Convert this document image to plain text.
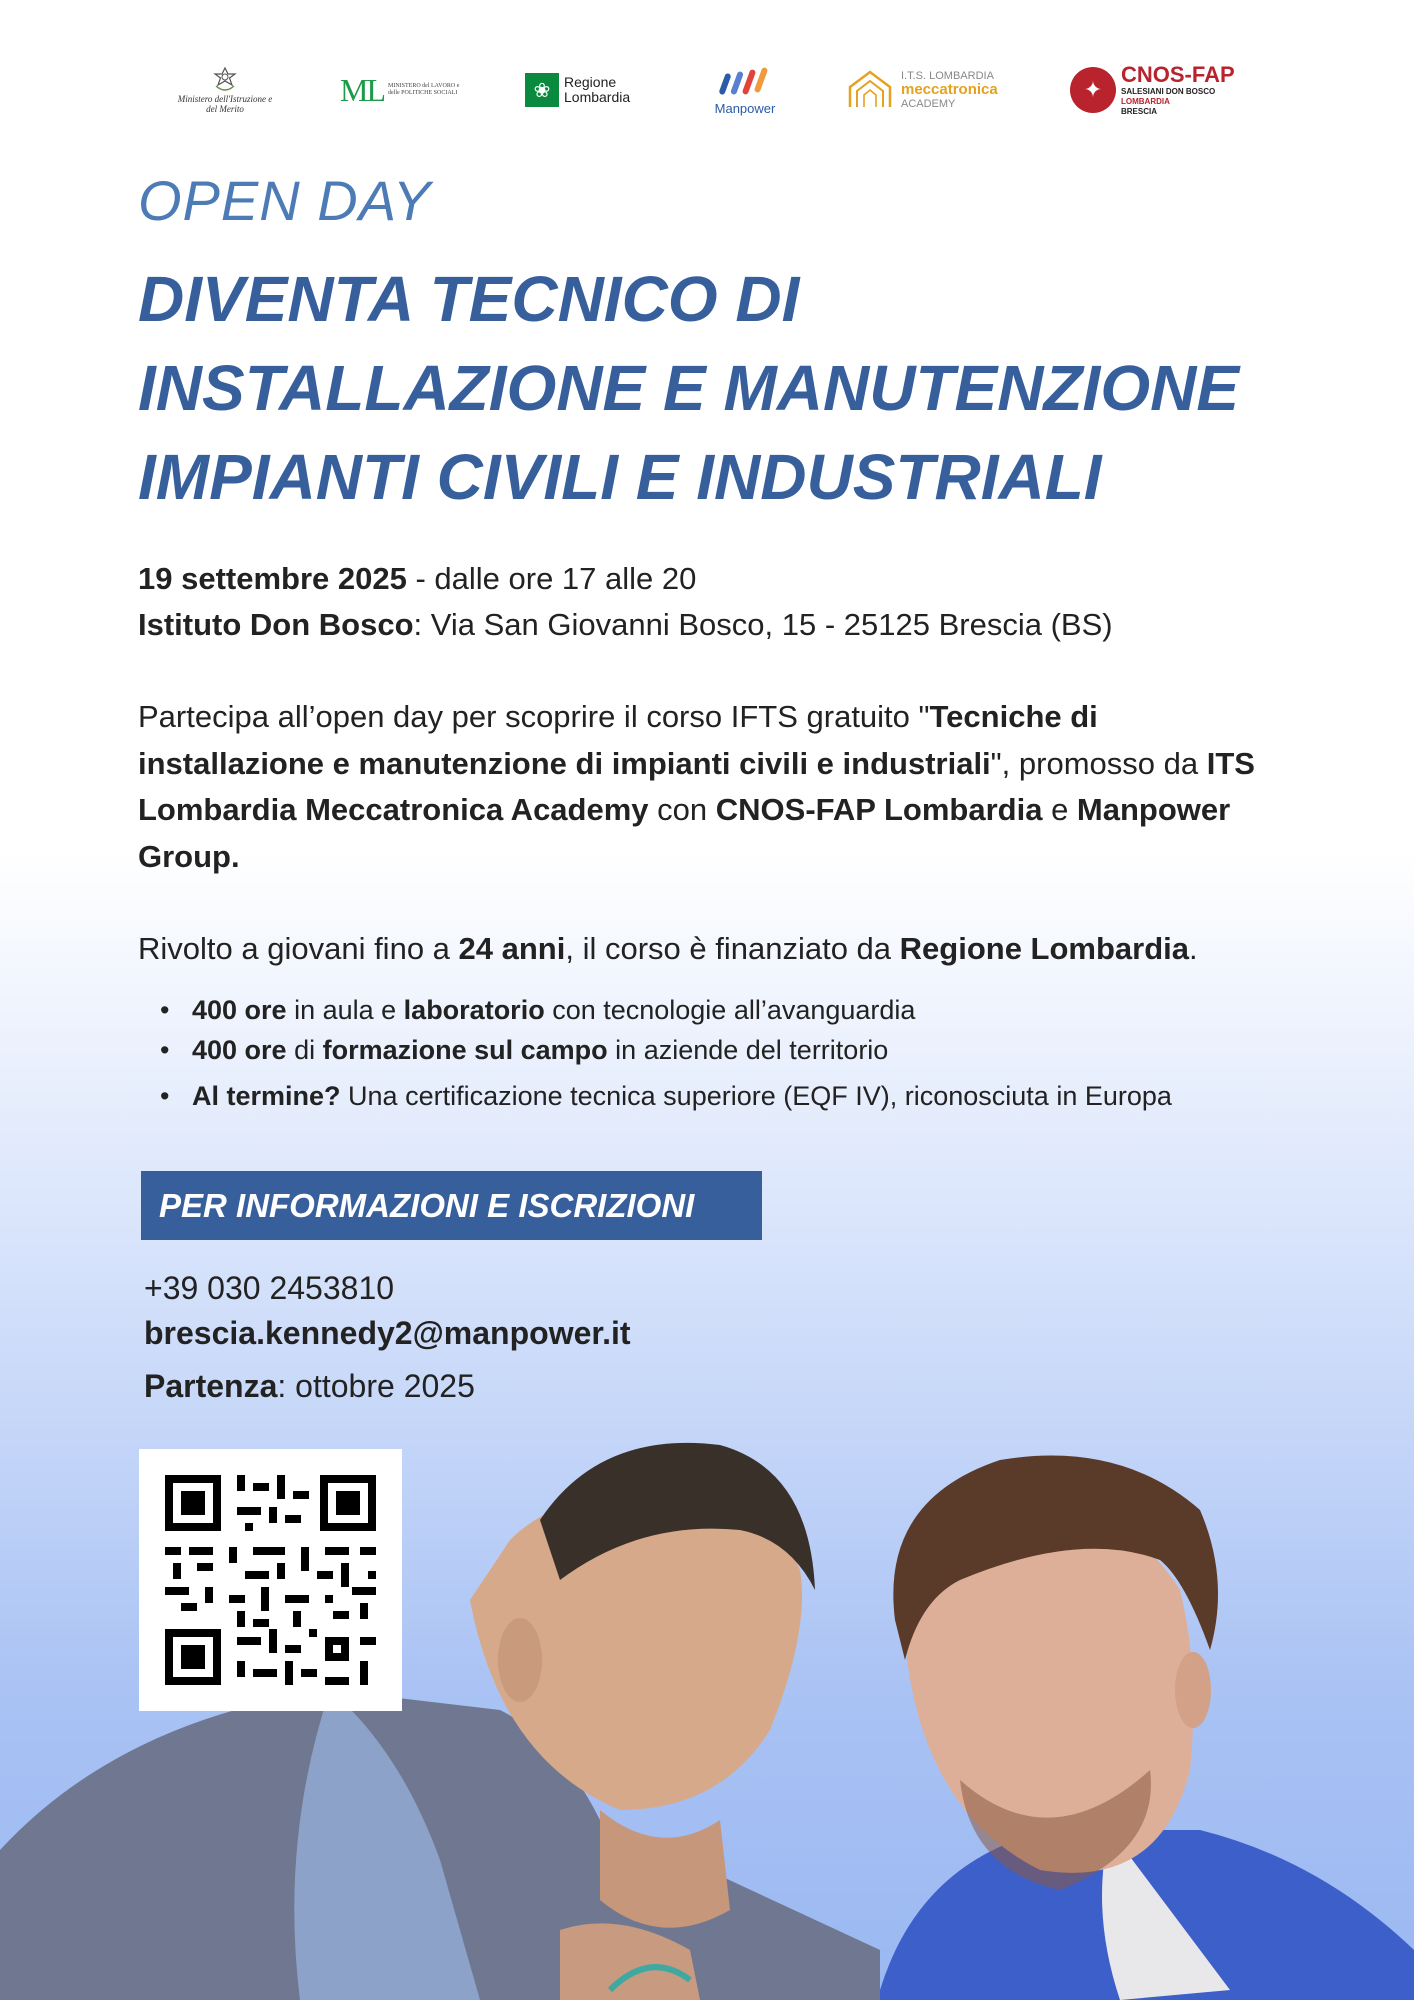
Ministero dell'Istruzione e del Merito
ML MINISTERO del LAVORO e delle POLITICHE SOCIALI	❀ Regione Lombardia
Manpower
I.T.S. LOMBARDIA
meccatronica
ACADEMY
✦
CNOS-FAP
SALESIANI DON BOSCO
LOMBARDIA
BRESCIA
OPEN DAY
DIVENTA TECNICO DI
INSTALLAZIONE E MANUTENZIONE
IMPIANTI CIVILI E INDUSTRIALI
19 settembre 2025 - dalle ore 17 alle 20
Istituto Don Bosco: Via San Giovanni Bosco, 15 - 25125 Brescia (BS)
Partecipa all’open day per scoprire il corso IFTS gratuito "Tecniche di installazione e manutenzione di impianti civili e industriali", promosso da ITS Lombardia Meccatronica Academy con CNOS-FAP Lombardia e Manpower Group.
Rivolto a giovani fino a 24 anni, il corso è finanziato da Regione Lombardia.
• 400 ore in aula e laboratorio con tecnologie all’avanguardia
• 400 ore di formazione sul campo in aziende del territorio
• Al termine? Una certificazione tecnica superiore (EQF IV), riconosciuta in Europa
PER INFORMAZIONI E ISCRIZIONI
+39 030 2453810
brescia.kennedy2@manpower.it
Partenza: ottobre 2025
